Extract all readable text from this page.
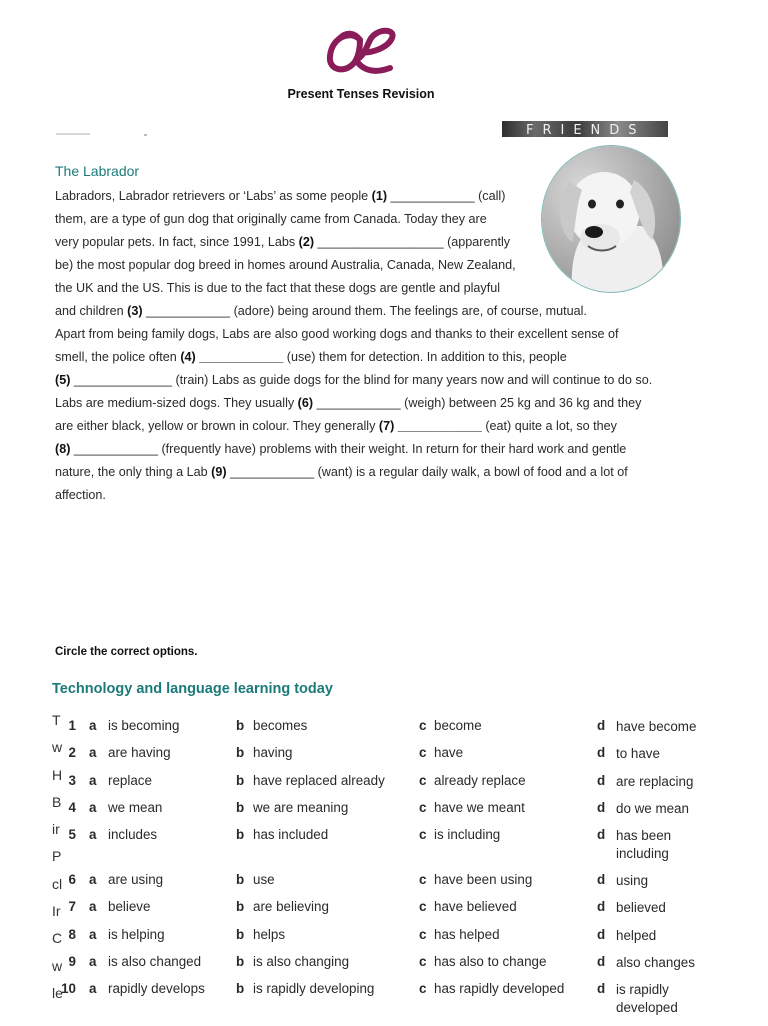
Present Tenses Revision
FRIENDS
The Labrador
Labradors, Labrador retrievers or ‘Labs’ as some people (1) ____________ (call)
them, are a type of gun dog that originally came from Canada. Today they are
very popular pets. In fact, since 1991, Labs (2) __________________ (apparently
be) the most popular dog breed in homes around Australia, Canada, New Zealand,
the UK and the US. This is due to the fact that these dogs are gentle and playful
and children (3) ____________ (adore) being around them. The feelings are, of course, mutual.
Apart from being family dogs, Labs are also good working dogs and thanks to their excellent sense of
smell, the police often (4) ____________ (use) them for detection. In addition to this, people
(5) ______________ (train) Labs as guide dogs for the blind for many years now and will continue to do so.
Labs are medium-sized dogs. They usually (6) ____________ (weigh) between 25 kg and 36 kg and they
are either black, yellow or brown in colour. They generally (7) ____________ (eat) quite a lot, so they
(8) ____________ (frequently have) problems with their weight. In return for their hard work and gentle
nature, the only thing a Lab (9) ____________ (want) is a regular daily walk, a bowl of food and a lot of
affection.
Circle the correct options.
Technology and language learning today
T
w
H
B
ir
P
cl
Ir
C
w
le
1 a is becoming	b becomes	c become	d have become
2 a are having	b having	c have	d to have
3 a replace	b have replaced already	c already replace	d are replacing
4 a we mean	b we are meaning	c have we meant	d do we mean
5 a includes	b has included	c is including	d has been including
6 a are using	b use	c have been using	d using
7 a believe	b are believing	c have believed	d believed
8 a is helping	b helps	c has helped	d helped
9 a is also changed	b is also changing	c has also to change	d also changes
10 a rapidly develops b is rapidly developing	c has rapidly developed d is rapidly developed
